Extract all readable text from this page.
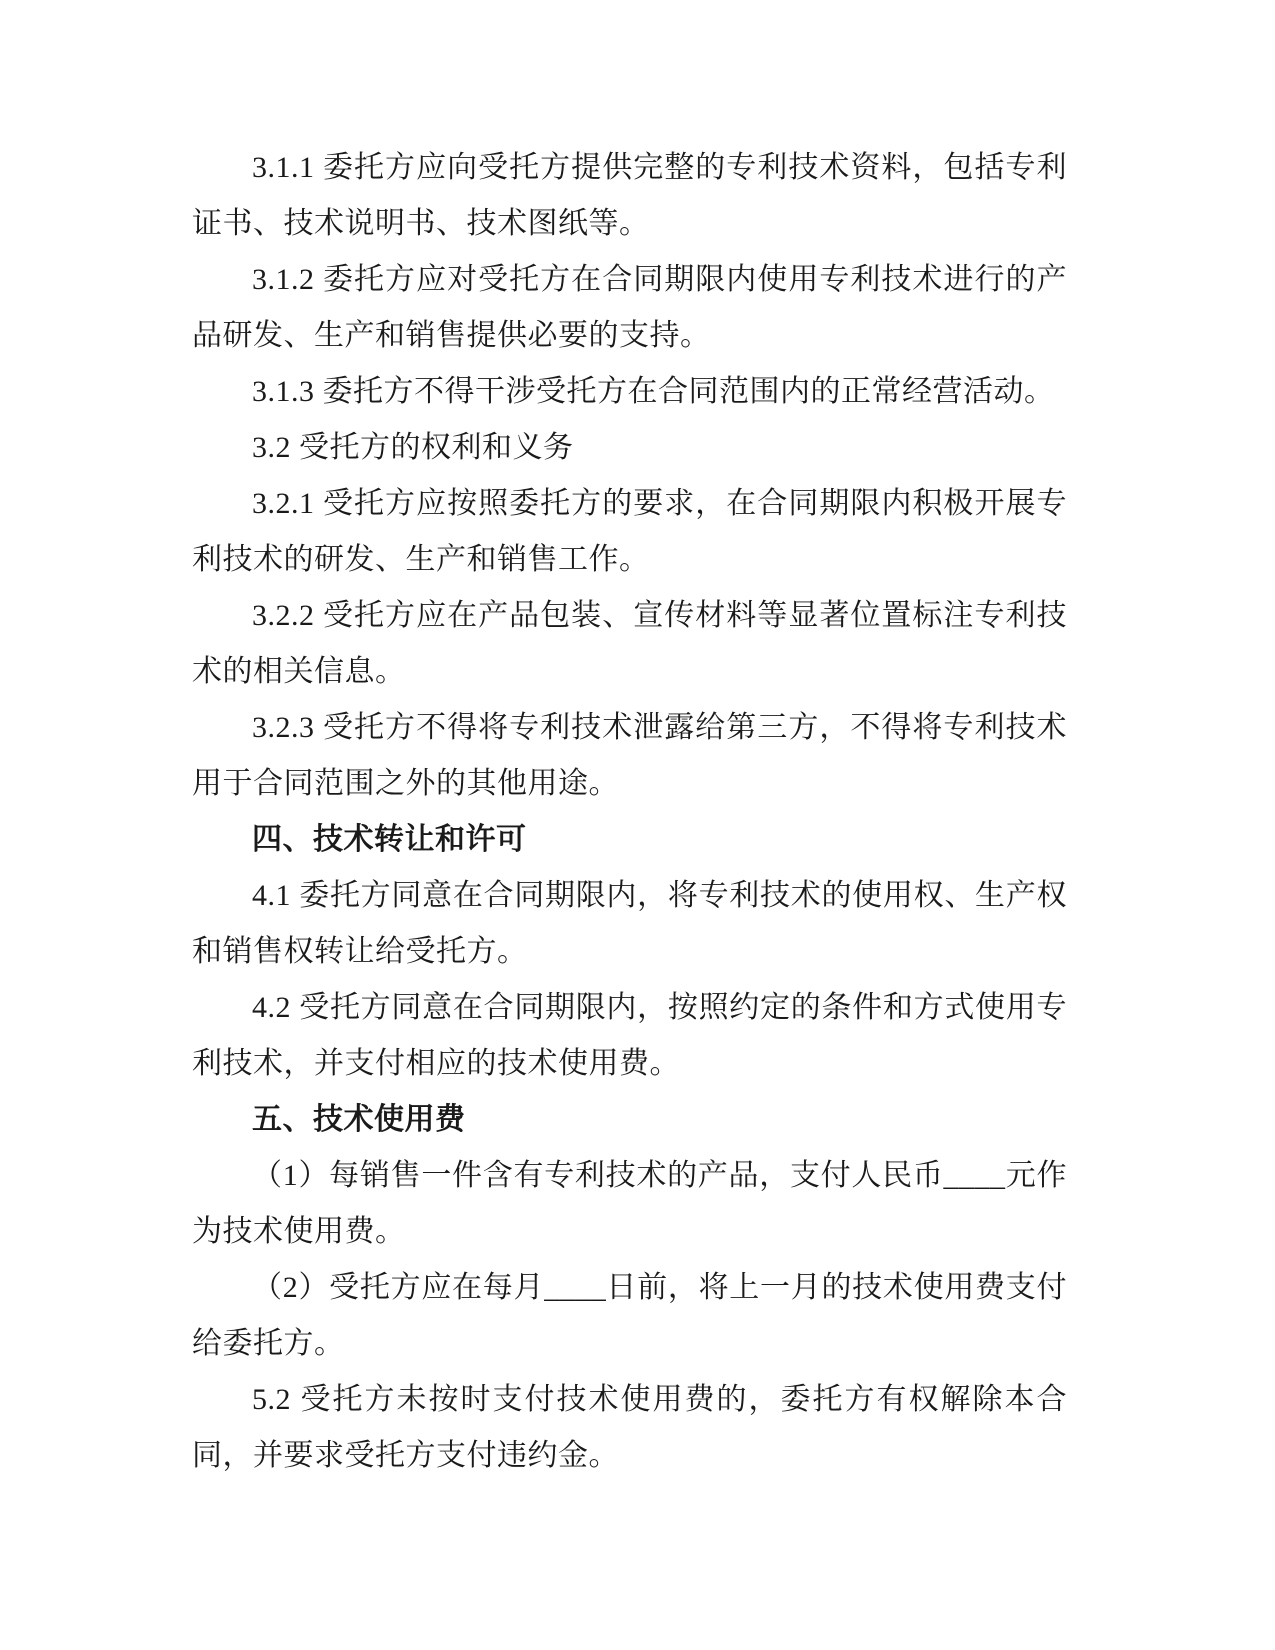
3.1.1 委托方应向受托方提供完整的专利技术资料，包括专利证书、技术说明书、技术图纸等。

3.1.2 委托方应对受托方在合同期限内使用专利技术进行的产品研发、生产和销售提供必要的支持。

3.1.3 委托方不得干涉受托方在合同范围内的正常经营活动。

3.2 受托方的权利和义务

3.2.1 受托方应按照委托方的要求，在合同期限内积极开展专利技术的研发、生产和销售工作。

3.2.2 受托方应在产品包装、宣传材料等显著位置标注专利技术的相关信息。

3.2.3 受托方不得将专利技术泄露给第三方，不得将专利技术用于合同范围之外的其他用途。

四、技术转让和许可

4.1 委托方同意在合同期限内，将专利技术的使用权、生产权和销售权转让给受托方。

4.2 受托方同意在合同期限内，按照约定的条件和方式使用专利技术，并支付相应的技术使用费。

五、技术使用费

（1）每销售一件含有专利技术的产品，支付人民币____元作为技术使用费。

（2）受托方应在每月____日前，将上一月的技术使用费支付给委托方。

5.2 受托方未按时支付技术使用费的，委托方有权解除本合同，并要求受托方支付违约金。
